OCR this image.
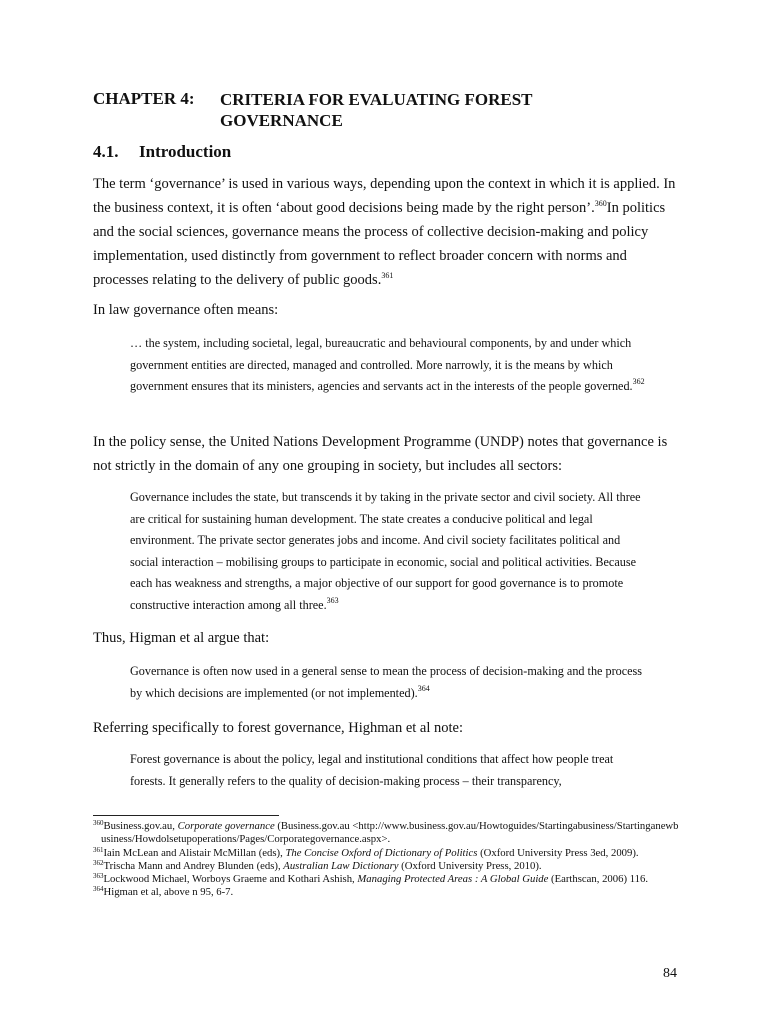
CHAPTER 4: CRITERIA FOR EVALUATING FOREST GOVERNANCE
4.1. Introduction
The term ‘governance’ is used in various ways, depending upon the context in which it is applied. In the business context, it is often ‘about good decisions being made by the right person’.$^{360}$In politics and the social sciences, governance means the process of collective decision-making and policy implementation, used distinctly from government to reflect broader concern with norms and processes relating to the delivery of public goods.$^{361}$
In law governance often means:
… the system, including societal, legal, bureaucratic and behavioural components, by and under which government entities are directed, managed and controlled. More narrowly, it is the means by which government ensures that its ministers, agencies and servants act in the interests of the people governed.$^{362}$
In the policy sense, the United Nations Development Programme (UNDP) notes that governance is not strictly in the domain of any one grouping in society, but includes all sectors:
Governance includes the state, but transcends it by taking in the private sector and civil society. All three are critical for sustaining human development. The state creates a conducive political and legal environment. The private sector generates jobs and income. And civil society facilitates political and social interaction – mobilising groups to participate in economic, social and political activities. Because each has weakness and strengths, a major objective of our support for good governance is to promote constructive interaction among all three.$^{363}$
Thus, Higman et al argue that:
Governance is often now used in a general sense to mean the process of decision-making and the process by which decisions are implemented (or not implemented).$^{364}$
Referring specifically to forest governance, Highman et al note:
Forest governance is about the policy, legal and institutional conditions that affect how people treat forests. It generally refers to the quality of decision-making process – their transparency,
$^{360}$Business.gov.au, Corporate governance (Business.gov.au <http://www.business.gov.au/Howtoguides/Startingabusiness/Startinganewbusiness/Howdolsetupoperations/Pages/Corporategovernance.aspx>.
$^{361}$Iain McLean and Alistair McMillan (eds), The Concise Oxford of Dictionary of Politics (Oxford University Press 3ed, 2009).
$^{362}$Trischa Mann and Andrey Blunden (eds), Australian Law Dictionary (Oxford University Press, 2010).
$^{363}$Lockwood Michael, Worboys Graeme and Kothari Ashish, Managing Protected Areas : A Global Guide (Earthscan, 2006) 116.
$^{364}$Higman et al, above n 95, 6-7.
84
